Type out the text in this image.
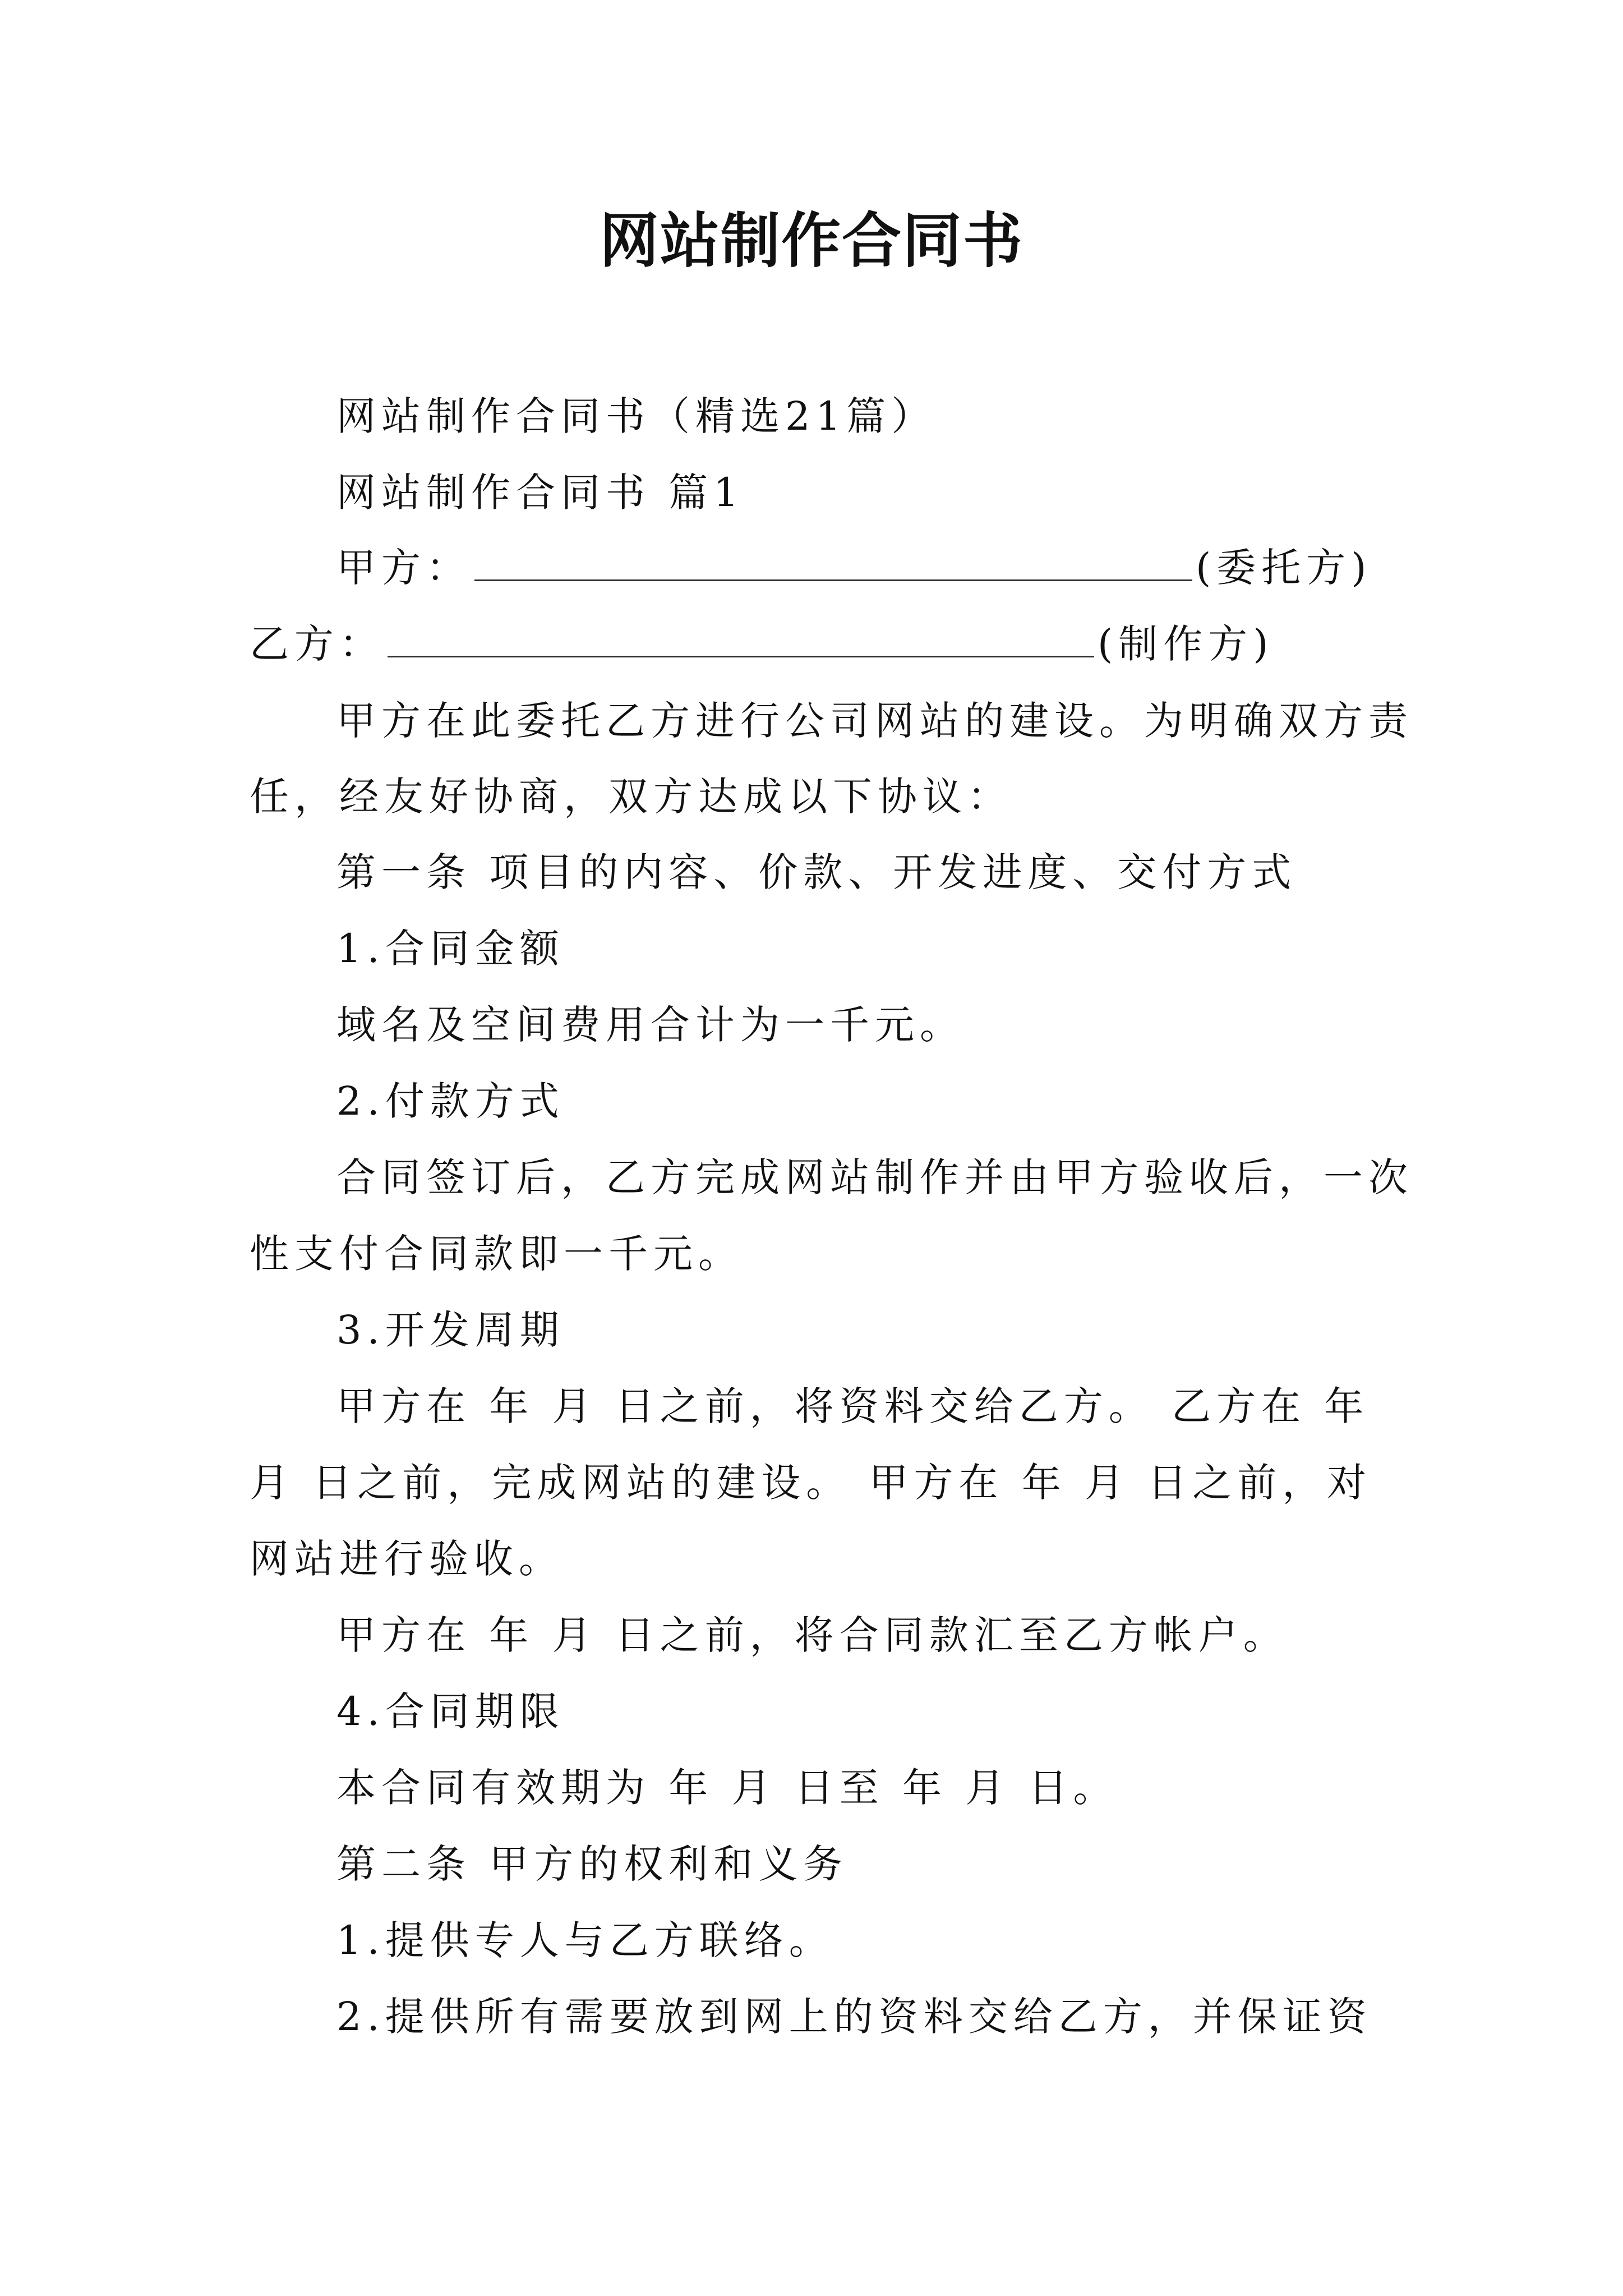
网站制作合同书

网站制作合同书（精选21篇）

网站制作合同书 篇1

甲方：	(委托方)

乙方：	(制作方)

甲方在此委托乙方进行公司网站的建设。为明确双方责

任，经友好协商，双方达成以下协议：

第一条 项目的内容、价款、开发进度、交付方式

1.合同金额

域名及空间费用合计为一千元。

2.付款方式

合同签订后，乙方完成网站制作并由甲方验收后，一次

性支付合同款即一千元。

3.开发周期

甲方在 年 月 日之前，将资料交给乙方。 乙方在 年

月 日之前，完成网站的建设。 甲方在 年 月 日之前，对

网站进行验收。

甲方在 年 月 日之前，将合同款汇至乙方帐户。

4.合同期限

本合同有效期为 年 月 日至 年 月 日。

第二条 甲方的权利和义务

1.提供专人与乙方联络。

2.提供所有需要放到网上的资料交给乙方，并保证资
